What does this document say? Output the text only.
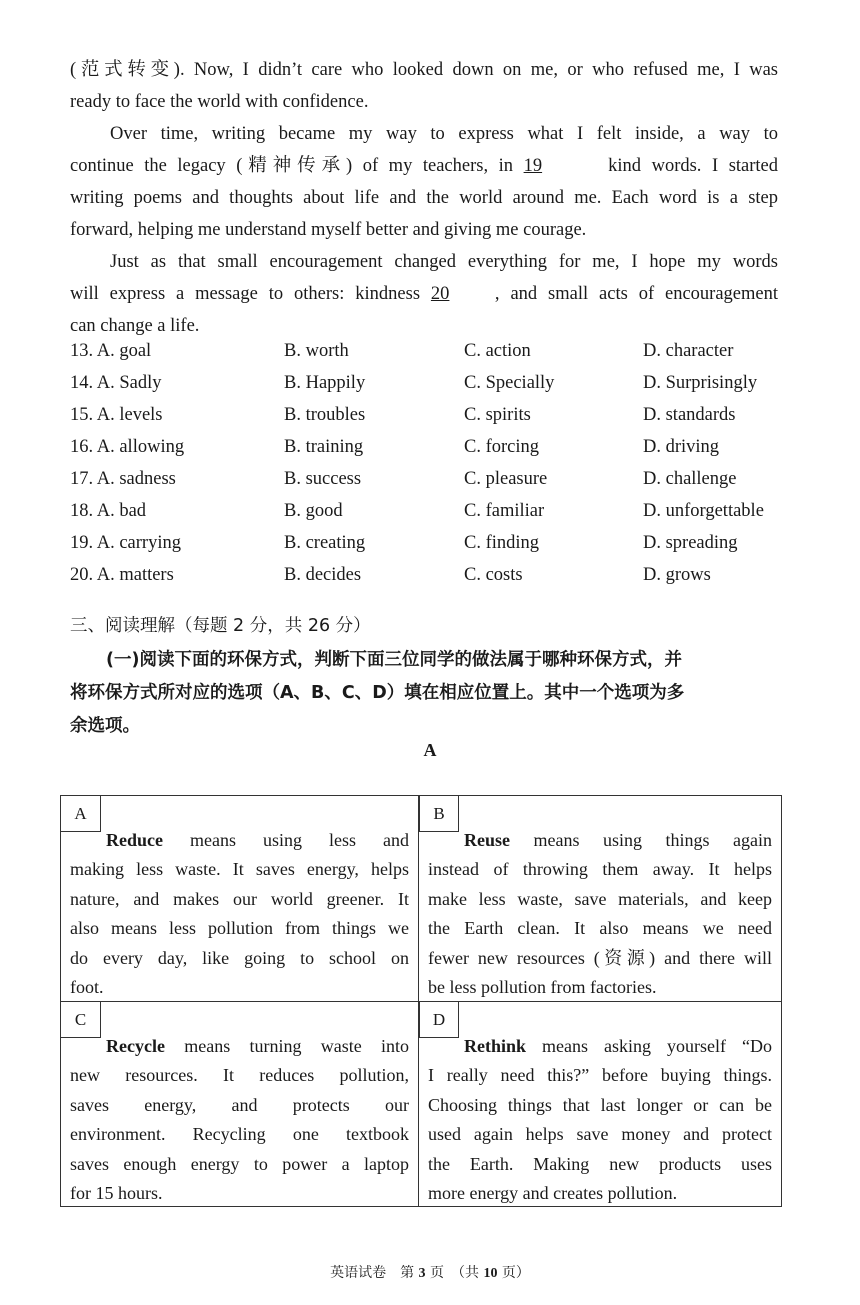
(范式转变). Now, I didn’t care who looked down on me, or who refused me, I was
ready to face the world with confidence.
Over time, writing became my way to express what I felt inside, a way to
continue the legacy (精神传承) of my teachers, in 19	kind words. I started
writing poems and thoughts about life and the world around me. Each word is a step
forward, helping me understand myself better and giving me courage.
Just as that small encouragement changed everything for me, I hope my words
will express a message to others: kindness 20 , and small acts of encouragement
can change a life.
13. A. goal	B. worth	C. action	D. character
14. A. Sadly	B. Happily	C. Specially	D. Surprisingly
15. A. levels	B. troubles	C. spirits	D. standards
16. A. allowing	B. training	C. forcing	D. driving
17. A. sadness	B. success	C. pleasure	D. challenge
18. A. bad	B. good	C. familiar	D. unforgettable
19. A. carrying	B. creating	C. finding	D. spreading
20. A. matters	B. decides	C. costs	D. grows
三、阅读理解（每题 2 分，共 26 分）
(一)阅读下面的环保方式，判断下面三位同学的做法属于哪种环保方式，并
将环保方式所对应的选项（A、B、C、D）填在相应位置上。其中一个选项为多
余选项。
A
A
Reduce means using less and
making less waste. It saves energy, helps
nature, and makes our world greener. It
also means less pollution from things we
do every day, like going to school on
foot.
B
Reuse means using things again
instead of throwing them away. It helps
make less waste, save materials, and keep
the Earth clean. It also means we need
fewer new resources (资源) and there will
be less pollution from factories.
C
Recycle means turning waste into
new resources. It reduces pollution,
saves energy, and protects our
environment. Recycling one textbook
saves enough energy to power a laptop
for 15 hours.
D
Rethink means asking yourself “Do
I really need this?” before buying things.
Choosing things that last longer or can be
used again helps save money and protect
the Earth. Making new products uses
more energy and creates pollution.
英语试卷　第 3 页　（共 10 页）
